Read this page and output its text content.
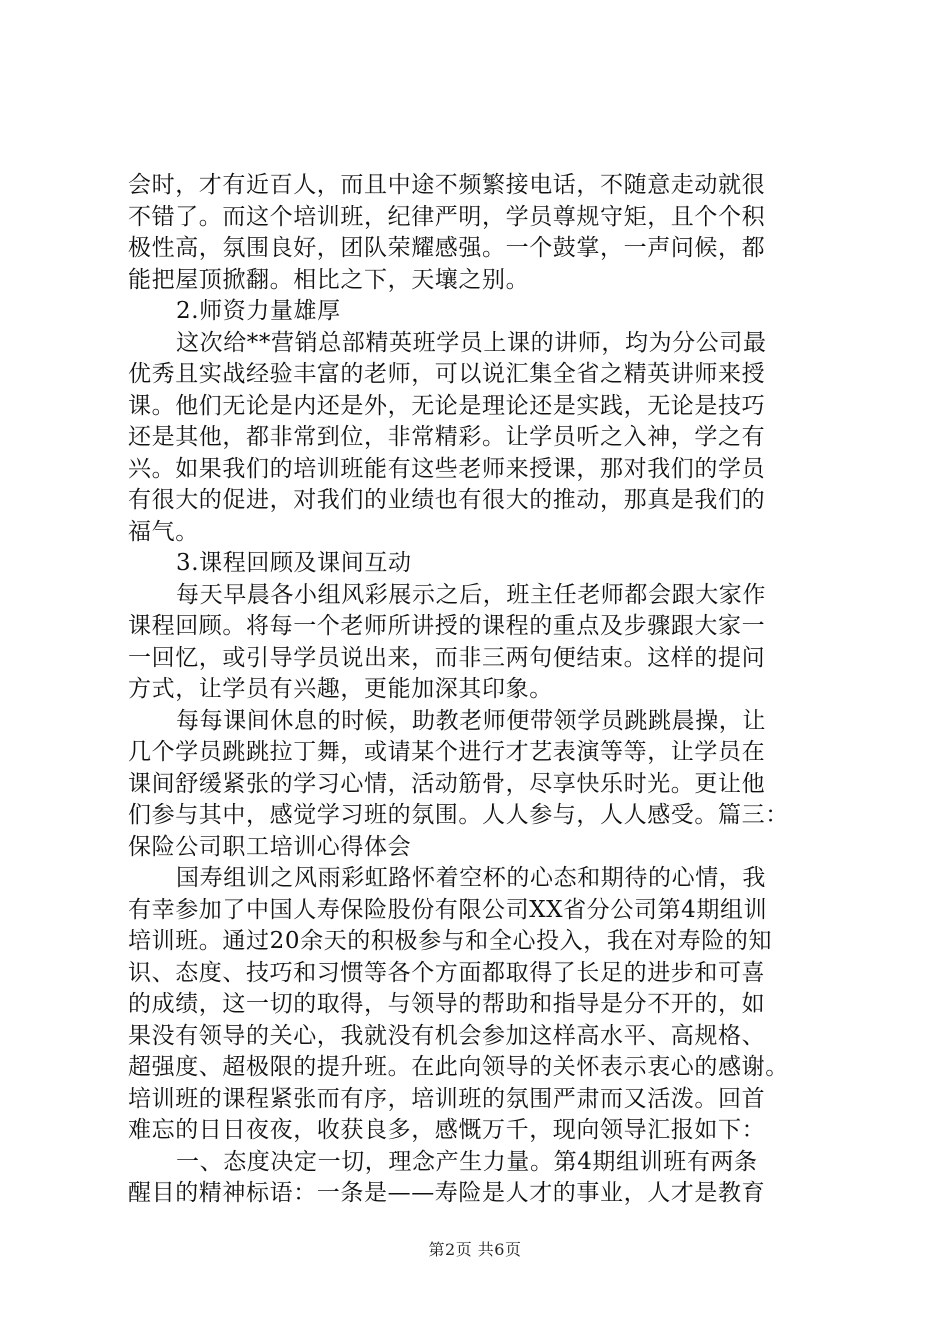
会时，才有近百人，而且中途不频繁接电话，不随意走动就很
不错了。而这个培训班，纪律严明，学员尊规守矩，且个个积
极性高，氛围良好，团队荣耀感强。一个鼓掌，一声问候，都
能把屋顶掀翻。相比之下，天壤之别。
2.师资力量雄厚
这次给**营销总部精英班学员上课的讲师，均为分公司最
优秀且实战经验丰富的老师，可以说汇集全省之精英讲师来授
课。他们无论是内还是外，无论是理论还是实践，无论是技巧
还是其他，都非常到位，非常精彩。让学员听之入神，学之有
兴。如果我们的培训班能有这些老师来授课，那对我们的学员
有很大的促进，对我们的业绩也有很大的推动，那真是我们的
福气。
3.课程回顾及课间互动
每天早晨各小组风彩展示之后，班主任老师都会跟大家作
课程回顾。将每一个老师所讲授的课程的重点及步骤跟大家一
一回忆，或引导学员说出来，而非三两句便结束。这样的提问
方式，让学员有兴趣，更能加深其印象。
每每课间休息的时候，助教老师便带领学员跳跳晨操，让
几个学员跳跳拉丁舞，或请某个进行才艺表演等等，让学员在
课间舒缓紧张的学习心情，活动筋骨，尽享快乐时光。更让他
们参与其中，感觉学习班的氛围。人人参与，人人感受。篇三：
保险公司职工培训心得体会
国寿组训之风雨彩虹路怀着空杯的心态和期待的心情，我
有幸参加了中国人寿保险股份有限公司XX省分公司第4期组训
培训班。通过20余天的积极参与和全心投入，我在对寿险的知
识、态度、技巧和习惯等各个方面都取得了长足的进步和可喜
的成绩，这一切的取得，与领导的帮助和指导是分不开的，如
果没有领导的关心，我就没有机会参加这样高水平、高规格、
超强度、超极限的提升班。在此向领导的关怀表示衷心的感谢。
培训班的课程紧张而有序，培训班的氛围严肃而又活泼。回首
难忘的日日夜夜，收获良多，感慨万千，现向领导汇报如下：
一、态度决定一切，理念产生力量。第4期组训班有两条
醒目的精神标语：一条是——寿险是人才的事业，人才是教育
第2页 共6页
